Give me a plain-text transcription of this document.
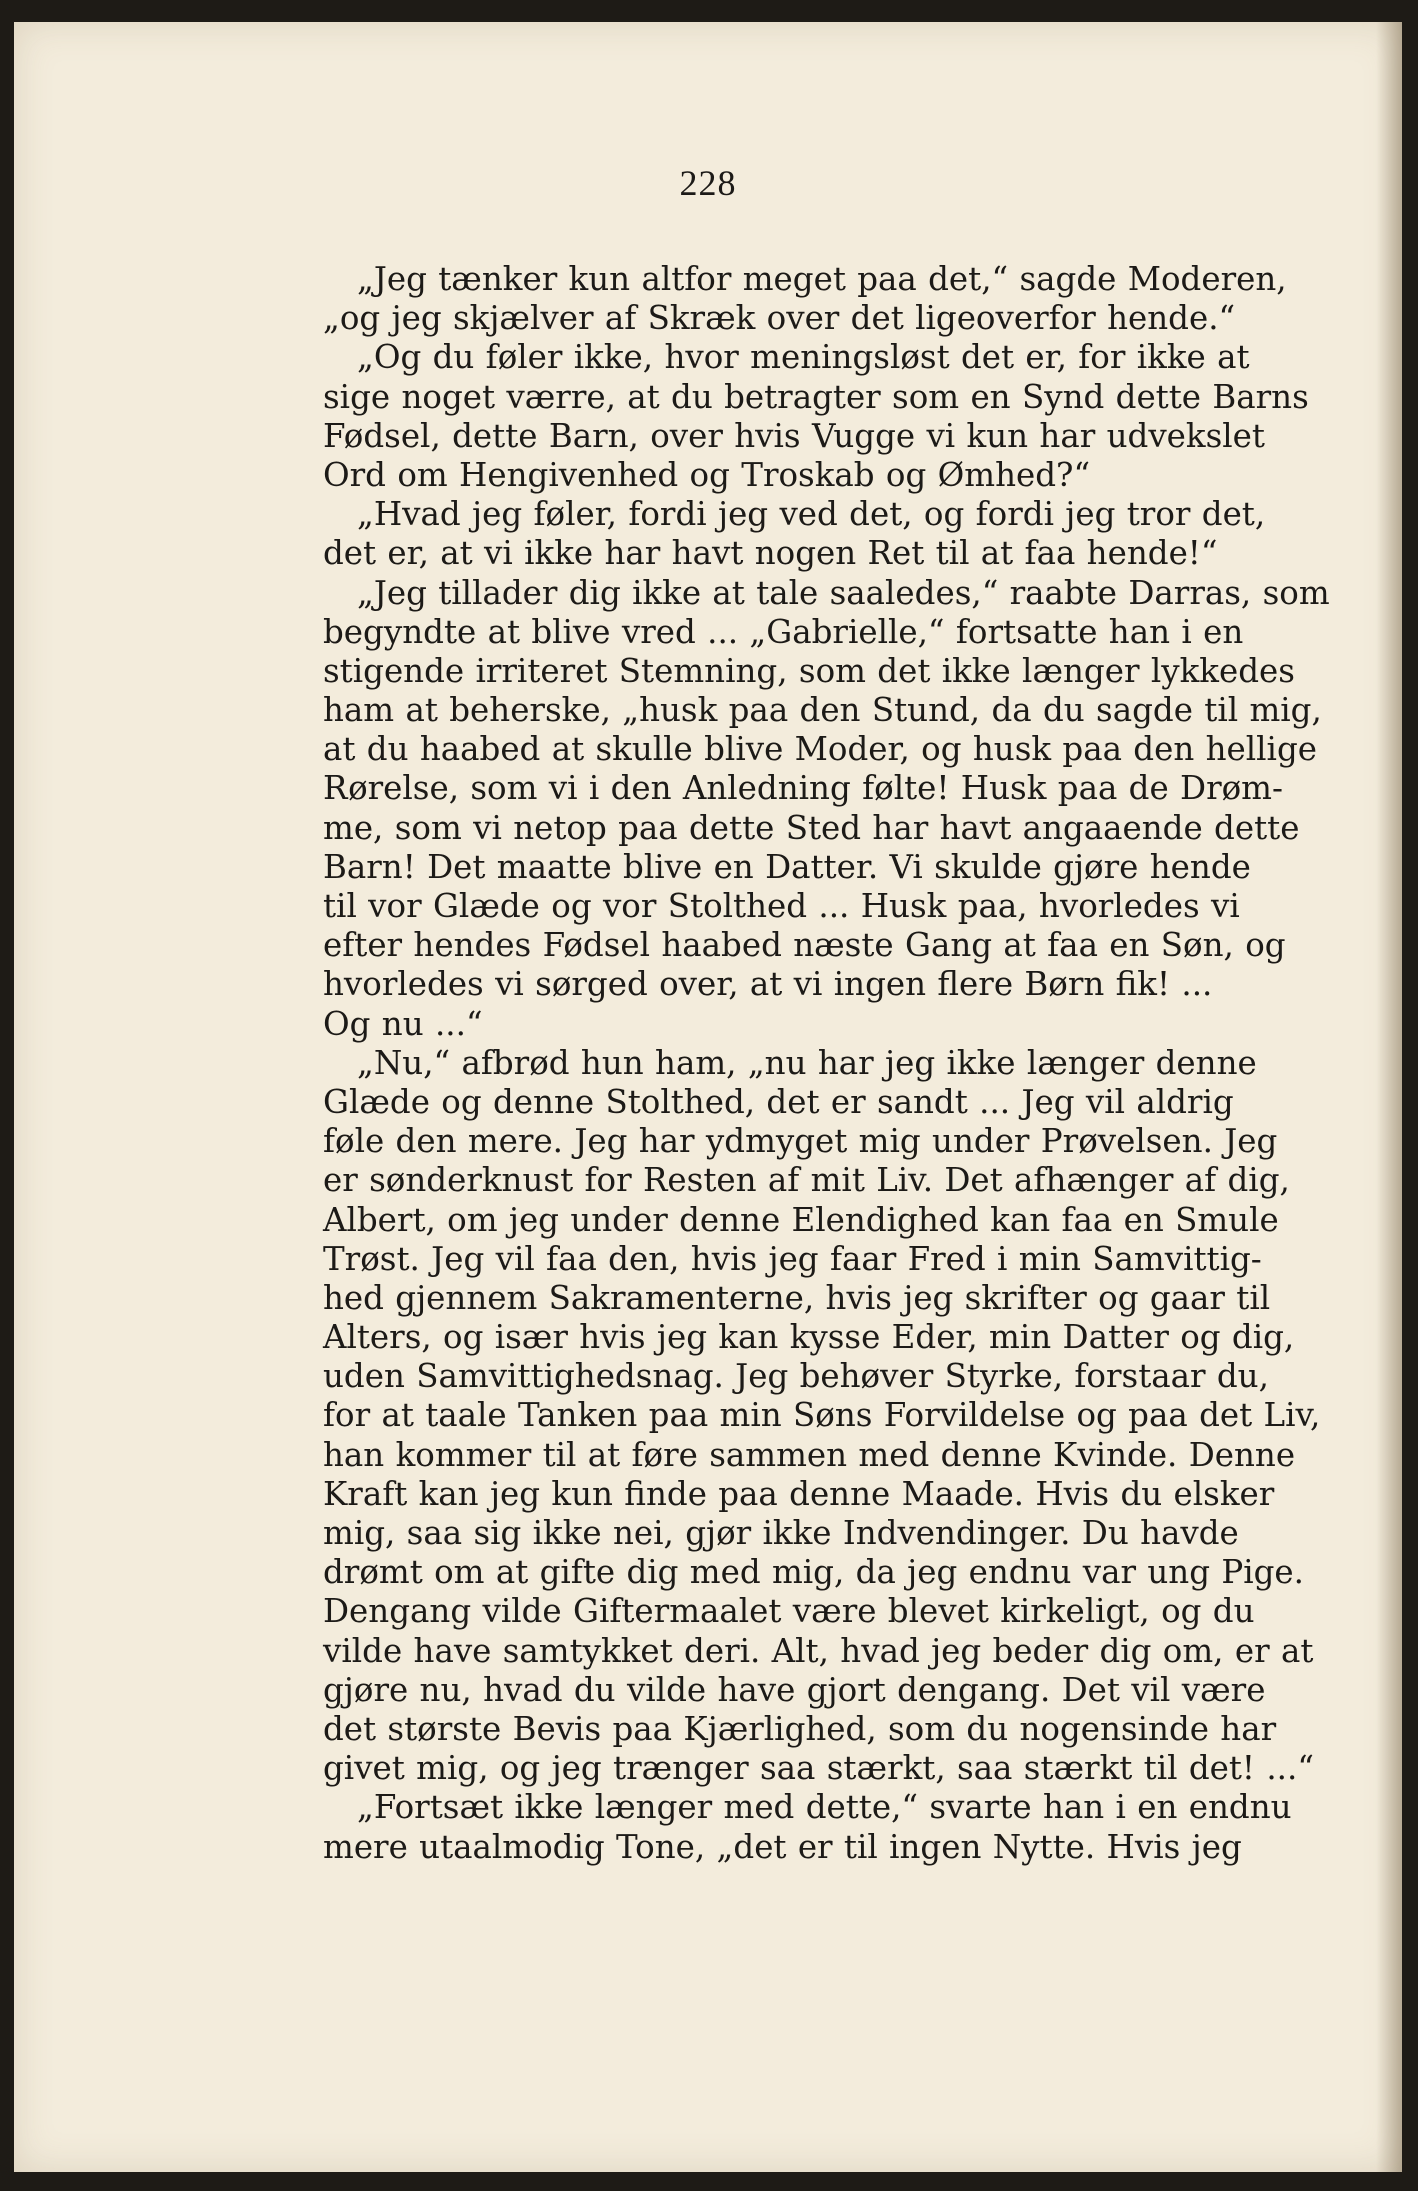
228
„Jeg tænker kun altfor meget paa det,“ sagde Moderen,
„og jeg skjælver af Skræk over det ligeoverfor hende.“
„Og du føler ikke, hvor meningsløst det er, for ikke at
sige noget værre, at du betragter som en Synd dette Barns
Fødsel, dette Barn, over hvis Vugge vi kun har udvekslet
Ord om Hengivenhed og Troskab og Ømhed?“
„Hvad jeg føler, fordi jeg ved det, og fordi jeg tror det,
det er, at vi ikke har havt nogen Ret til at faa hende!“
„Jeg tillader dig ikke at tale saaledes,“ raabte Darras, som
begyndte at blive vred ... „Gabrielle,“ fortsatte han i en
stigende irriteret Stemning, som det ikke længer lykkedes
ham at beherske, „husk paa den Stund, da du sagde til mig,
at du haabed at skulle blive Moder, og husk paa den hellige
Rørelse, som vi i den Anledning følte! Husk paa de Drøm-
me, som vi netop paa dette Sted har havt angaaende dette
Barn! Det maatte blive en Datter. Vi skulde gjøre hende
til vor Glæde og vor Stolthed ... Husk paa, hvorledes vi
efter hendes Fødsel haabed næste Gang at faa en Søn, og
hvorledes vi sørged over, at vi ingen flere Børn fik! ...
Og nu ...“
„Nu,“ afbrød hun ham, „nu har jeg ikke længer denne
Glæde og denne Stolthed, det er sandt ... Jeg vil aldrig
føle den mere. Jeg har ydmyget mig under Prøvelsen. Jeg
er sønderknust for Resten af mit Liv. Det afhænger af dig,
Albert, om jeg under denne Elendighed kan faa en Smule
Trøst. Jeg vil faa den, hvis jeg faar Fred i min Samvittig-
hed gjennem Sakramenterne, hvis jeg skrifter og gaar til
Alters, og især hvis jeg kan kysse Eder, min Datter og dig,
uden Samvittighedsnag. Jeg behøver Styrke, forstaar du,
for at taale Tanken paa min Søns Forvildelse og paa det Liv,
han kommer til at føre sammen med denne Kvinde. Denne
Kraft kan jeg kun finde paa denne Maade. Hvis du elsker
mig, saa sig ikke nei, gjør ikke Indvendinger. Du havde
drømt om at gifte dig med mig, da jeg endnu var ung Pige.
Dengang vilde Giftermaalet være blevet kirkeligt, og du
vilde have samtykket deri. Alt, hvad jeg beder dig om, er at
gjøre nu, hvad du vilde have gjort dengang. Det vil være
det største Bevis paa Kjærlighed, som du nogensinde har
givet mig, og jeg trænger saa stærkt, saa stærkt til det! ...“
„Fortsæt ikke længer med dette,“ svarte han i en endnu
mere utaalmodig Tone, „det er til ingen Nytte. Hvis jeg
